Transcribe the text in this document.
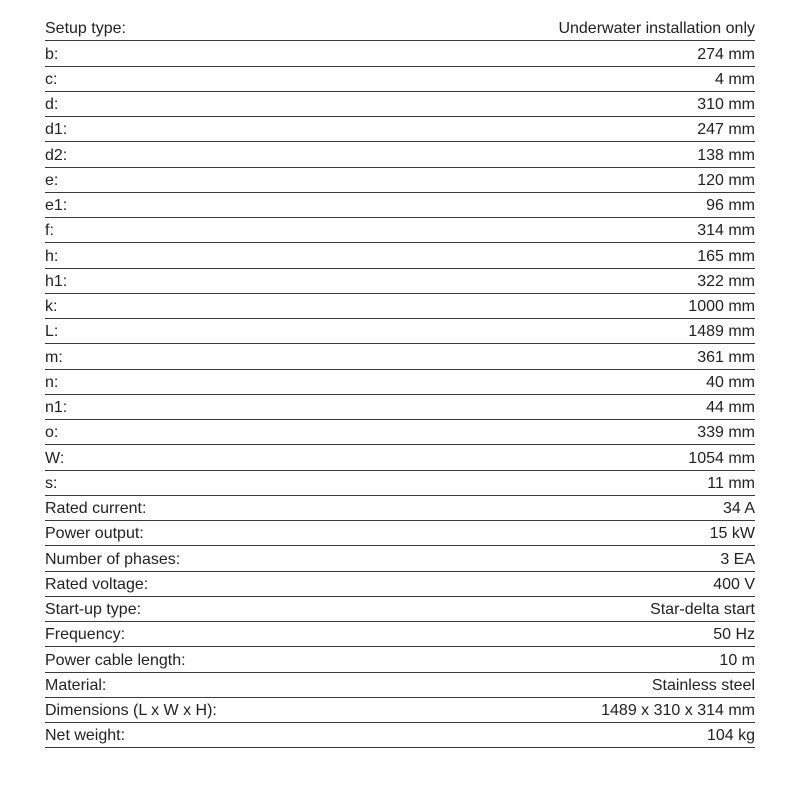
Setup type:	Underwater installation only
b:	274 mm
c:	4 mm
d:	310 mm
d1:	247 mm
d2:	138 mm
e:	120 mm
e1:	96 mm
f:	314 mm
h:	165 mm
h1:	322 mm
k:	1000 mm
L:	1489 mm
m:	361 mm
n:	40 mm
n1:	44 mm
o:	339 mm
W:	1054 mm
s:	11 mm
Rated current:	34 A
Power output:	15 kW
Number of phases:	3 EA
Rated voltage:	400 V
Start-up type:	Star-delta start
Frequency:	50 Hz
Power cable length:	10 m
Material:	Stainless steel
Dimensions (L x W x H):	1489 x 310 x 314 mm
Net weight:	104 kg
